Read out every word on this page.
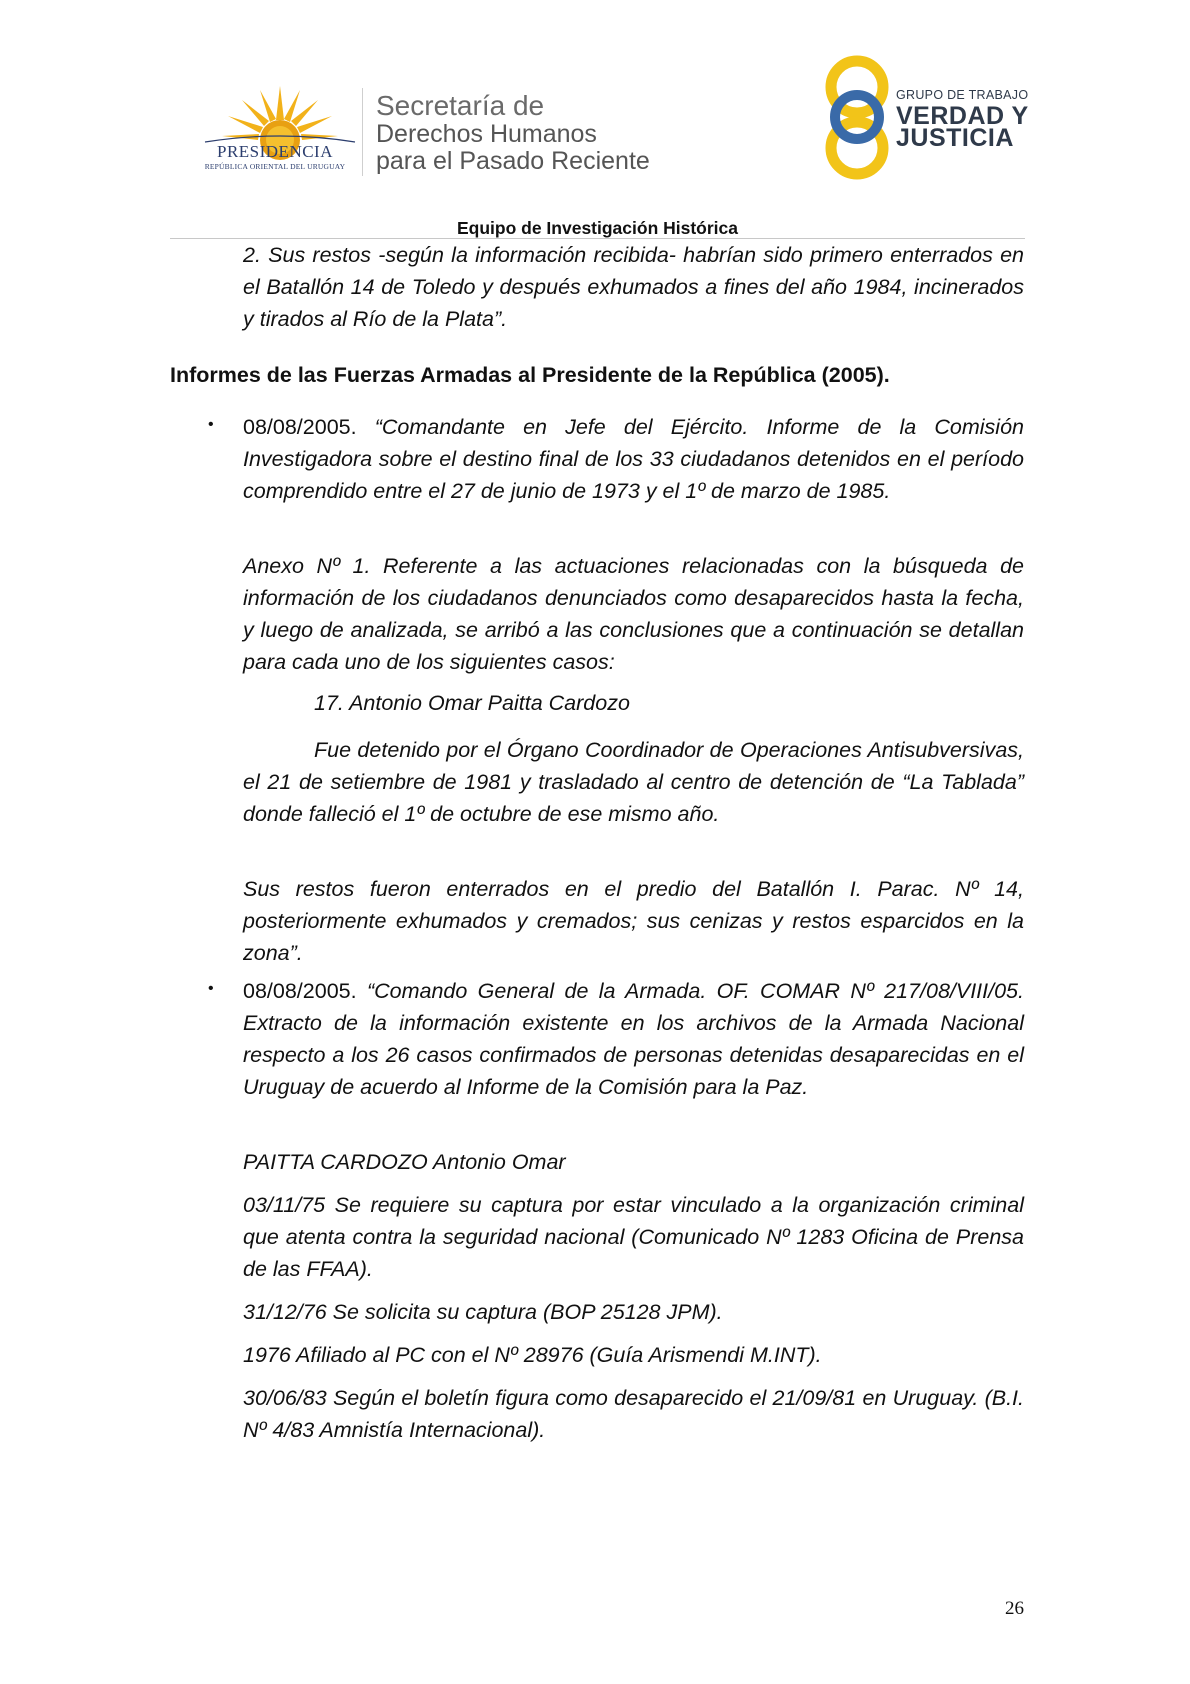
PRESIDENCIA
REPÚBLICA ORIENTAL DEL URUGUAY
Secretaría de
Derechos Humanos
para el Pasado Reciente
GRUPO DE TRABAJO
VERDAD Y
JUSTICIA
Equipo de Investigación Histórica
2. Sus restos -según la información recibida- habrían sido primero enterrados en el Batallón 14 de Toledo y después exhumados a fines del año 1984, incinerados y tirados al Río de la Plata”.
Informes de las Fuerzas Armadas al Presidente de la República (2005).
• 08/08/2005. “Comandante en Jefe del Ejército. Informe de la Comisión Investigadora sobre el destino final de los 33 ciudadanos detenidos en el período comprendido entre el 27 de junio de 1973 y el 1º de marzo de 1985.
Anexo Nº 1. Referente a las actuaciones relacionadas con la búsqueda de información de los ciudadanos denunciados como desaparecidos hasta la fecha, y luego de analizada, se arribó a las conclusiones que a continuación se detallan para cada uno de los siguientes casos:
17. Antonio Omar Paitta Cardozo
Fue detenido por el Órgano Coordinador de Operaciones Antisubversivas, el 21 de setiembre de 1981 y trasladado al centro de detención de “La Tablada” donde falleció el 1º de octubre de ese mismo año.
Sus restos fueron enterrados en el predio del Batallón I. Parac. Nº 14, posteriormente exhumados y cremados; sus cenizas y restos esparcidos en la zona”.
• 08/08/2005. “Comando General de la Armada. OF. COMAR Nº 217/08/VIII/05. Extracto de la información existente en los archivos de la Armada Nacional respecto a los 26 casos confirmados de personas detenidas desaparecidas en el Uruguay de acuerdo al Informe de la Comisión para la Paz.
PAITTA CARDOZO Antonio Omar
03/11/75 Se requiere su captura por estar vinculado a la organización criminal que atenta contra la seguridad nacional (Comunicado Nº 1283 Oficina de Prensa de las FFAA).
31/12/76 Se solicita su captura (BOP 25128 JPM).
1976 Afiliado al PC con el Nº 28976 (Guía Arismendi M.INT).
30/06/83 Según el boletín figura como desaparecido el 21/09/81 en Uruguay. (B.I. Nº 4/83 Amnistía Internacional).
26
